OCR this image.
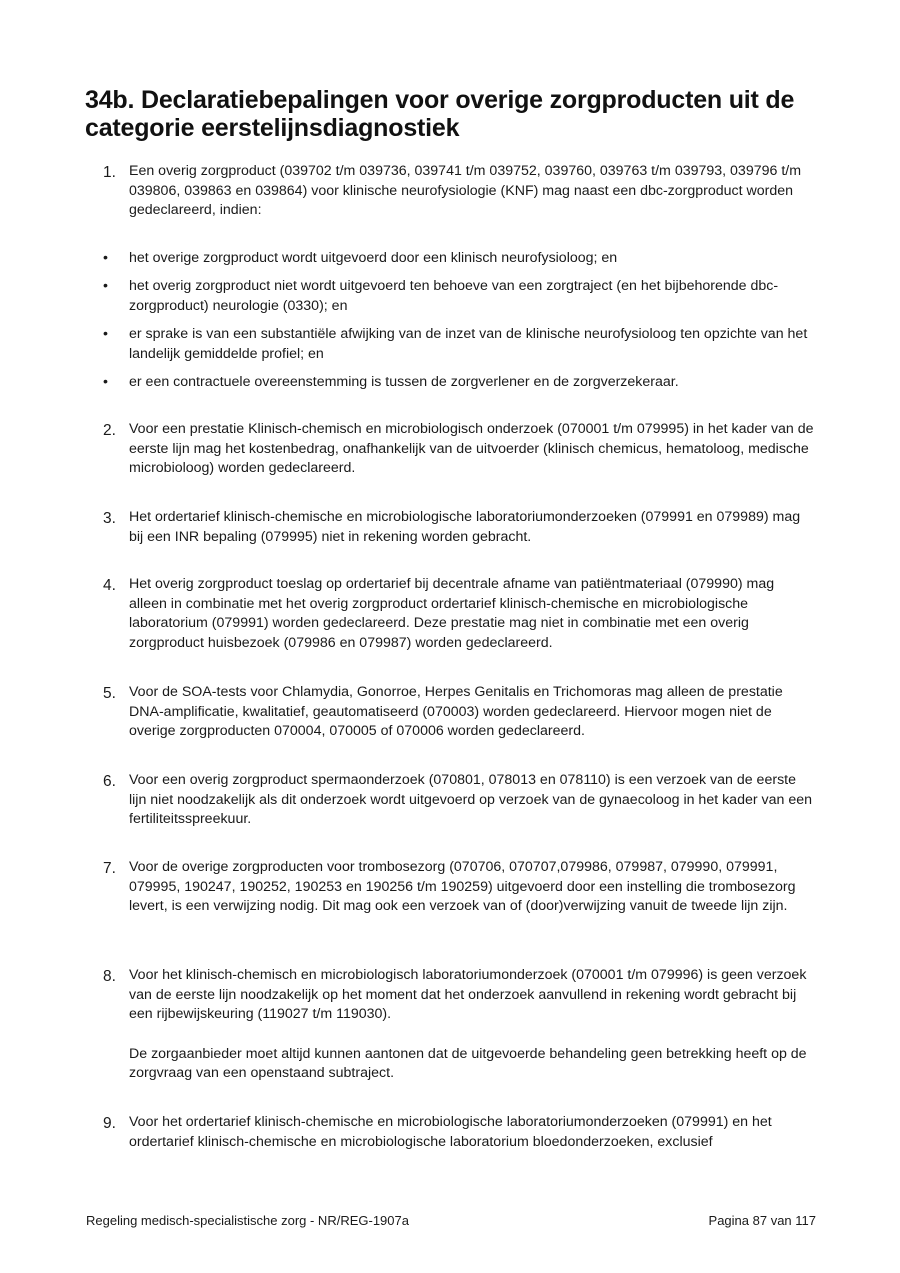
34b. Declaratiebepalingen voor overige zorgproducten uit de categorie eerstelijnsdiagnostiek
1. Een overig zorgproduct (039702 t/m 039736, 039741 t/m 039752, 039760, 039763 t/m 039793, 039796 t/m 039806, 039863 en 039864) voor klinische neurofysiologie (KNF) mag naast een dbc-zorgproduct worden gedeclareerd, indien:
• het overige zorgproduct wordt uitgevoerd door een klinisch neurofysioloog; en
• het overig zorgproduct niet wordt uitgevoerd ten behoeve van een zorgtraject (en het bijbehorende dbc-zorgproduct) neurologie (0330); en
• er sprake is van een substantiële afwijking van de inzet van de klinische neurofysioloog ten opzichte van het landelijk gemiddelde profiel; en
• er een contractuele overeenstemming is tussen de zorgverlener en de zorgverzekeraar.
2. Voor een prestatie Klinisch-chemisch en microbiologisch onderzoek (070001 t/m 079995) in het kader van de eerste lijn mag het kostenbedrag, onafhankelijk van de uitvoerder (klinisch chemicus, hematoloog, medische microbioloog) worden gedeclareerd.
3. Het ordertarief klinisch-chemische en microbiologische laboratoriumonderzoeken (079991 en 079989) mag bij een INR bepaling (079995) niet in rekening worden gebracht.
4. Het overig zorgproduct toeslag op ordertarief bij decentrale afname van patiëntmateriaal (079990) mag alleen in combinatie met het overig zorgproduct ordertarief klinisch-chemische en microbiologische laboratorium (079991) worden gedeclareerd. Deze prestatie mag niet in combinatie met een overig zorgproduct huisbezoek (079986 en 079987) worden gedeclareerd.
5. Voor de SOA-tests voor Chlamydia, Gonorroe, Herpes Genitalis en Trichomoras mag alleen de prestatie DNA-amplificatie, kwalitatief, geautomatiseerd (070003) worden gedeclareerd. Hiervoor mogen niet de overige zorgproducten 070004, 070005 of 070006 worden gedeclareerd.
6. Voor een overig zorgproduct spermaonderzoek (070801, 078013 en 078110) is een verzoek van de eerste lijn niet noodzakelijk als dit onderzoek wordt uitgevoerd op verzoek van de gynaecoloog in het kader van een fertiliteitsspreekuur.
7. Voor de overige zorgproducten voor trombosezorg (070706, 070707,079986, 079987, 079990, 079991, 079995, 190247, 190252, 190253 en 190256 t/m 190259) uitgevoerd door een instelling die trombosezorg levert, is een verwijzing nodig. Dit mag ook een verzoek van of (door)verwijzing vanuit de tweede lijn zijn.
8. Voor het klinisch-chemisch en microbiologisch laboratoriumonderzoek (070001 t/m 079996) is geen verzoek van de eerste lijn noodzakelijk op het moment dat het onderzoek aanvullend in rekening wordt gebracht bij een rijbewijskeuring (119027 t/m 119030).
De zorgaanbieder moet altijd kunnen aantonen dat de uitgevoerde behandeling geen betrekking heeft op de zorgvraag van een openstaand subtraject.
9. Voor het ordertarief klinisch-chemische en microbiologische laboratoriumonderzoeken (079991) en het ordertarief klinisch-chemische en microbiologische laboratorium bloedonderzoeken, exclusief
Regeling medisch-specialistische zorg - NR/REG-1907a	Pagina 87 van 117
